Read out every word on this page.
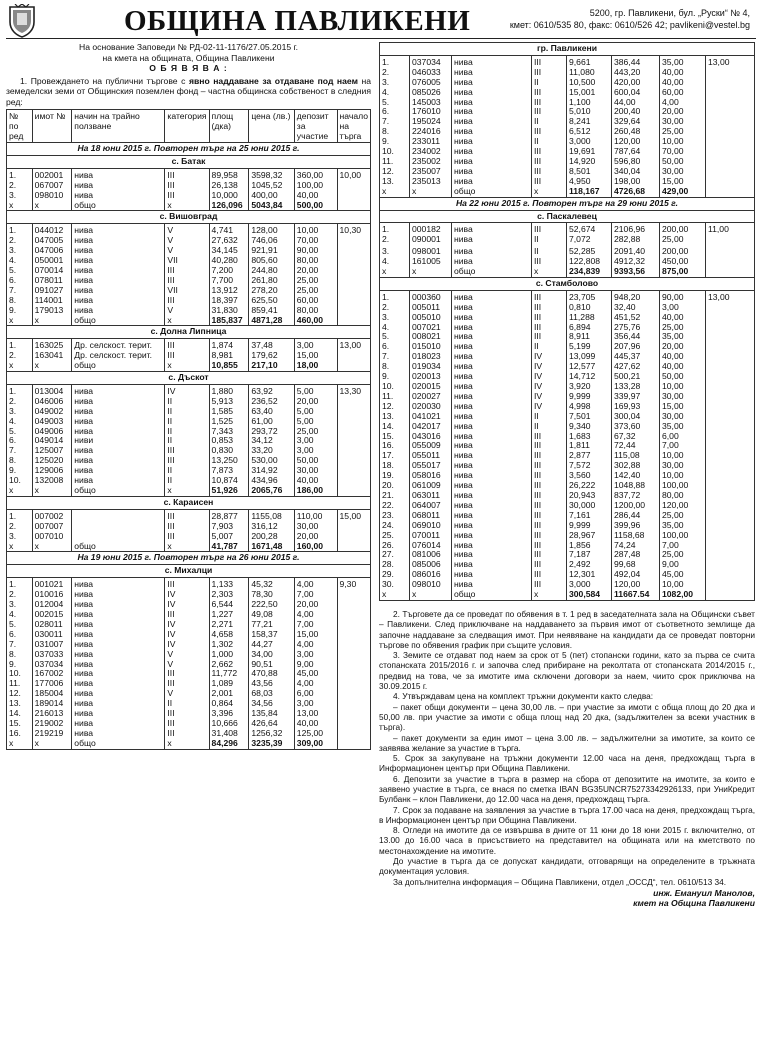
ОБЩИНА ПАВЛИКЕНИ	5200, гр. Павликени, бул. „Руски“ № 4,
кмет: 0610/535 80, факс: 0610/526 42; pavlikeni@vestel.bg
На основание Заповеди № РД-02-11-1176/27.05.2015 г.
на кмета на общината, Община Павликени
О Б Я В Я В А :

1. Провеждането на публични търгове с явно наддаване за отдаване под наем на земеделски земи от Общинския поземлен фонд – частна общинска собственост в следния ред:

№ по ред	имот №	начин на трайно ползване	категория	площ (дка)	цена (лв.)	депозит за участие	начало на търга
На 18 юни 2015 г. Повторен търг на 25 юни 2015 г.							
с. Батак							
1.	002001	нива	III	89,958	3598,32	360,00	10,00
2.	067007	нива	III	26,138	1045,52	100,00	
3.	098010	нива	III	10,000	400,00	40,00	
x	x	общо	x	126,096	5043,84	500,00	
с. Вишовград							
1.	044012	нива	V	4,741	128,00	10,00	10,30
2.	047005	нива	V	27,632	746,06	70,00	
3.	047006	нива	V	34,145	921,91	90,00	
4.	050001	нива	VII	40,280	805,60	80,00	
5.	070014	нива	III	7,200	244,80	20,00	
6.	078011	нива	III	7,700	261,80	25,00	
7.	091027	нива	VII	13,912	278,20	25,00	
8.	114001	нива	III	18,397	625,50	60,00	
9.	179013	нива	V	31,830	859,41	80,00	
x	x	общо	x	185,837	4871,28	460,00	
с. Долна Липница							
1.	163025	Др. селскост. терит.	III	1,874	37,48	3,00	13,00
2.	163041	Др. селскост. терит.	III	8,981	179,62	15,00	
x	x	общо	x	10,855	217,10	18,00	
с. Дъскот							
1.	013004	нива	IV	1,880	63,92	5,00	13,30
2.	046006	нива	II	5,913	236,52	20,00	
3.	049002	нива	II	1,585	63,40	5,00	
4.	049003	нива	II	1,525	61,00	5,00	
5.	049006	нива	II	7,343	293,72	25,00	
6.	049014	ниви	II	0,853	34,12	3,00	
7.	125007	нива	III	0,830	33,20	3,00	
8.	125020	нива	III	13,250	530,00	50,00	
9.	129006	нива	II	7,873	314,92	30,00	
10.	132008	нива	II	10,874	434,96	40,00	
x	x	общо	x	51,926	2065,76	186,00	
с. Караисен							
1.	007002		III	28,877	1155,08	110,00	15,00
2.	007007		III	7,903	316,12	30,00	
3.	007010		III	5,007	200,28	20,00	
x	x	общо	x	41,787	1671,48	160,00	
На 19 юни 2015 г. Повторен търг на 26 юни 2015 г.							
с. Михалци							
1.	001021	нива	III	1,133	45,32	4,00	9,30
2.	010016	нива	IV	2,303	78,30	7,00	
3.	012004	нива	IV	6,544	222,50	20,00	
4.	002015	нива	III	1,227	49,08	4,00	
5.	028011	нива	IV	2,271	77,21	7,00	
6.	030011	нива	IV	4,658	158,37	15,00	
7.	031007	нива	IV	1,302	44,27	4,00	
8.	037033	нива	V	1,000	34,00	3,00	
9.	037034	нива	V	2,662	90,51	9,00	
10.	167002	нива	III	11,772	470,88	45,00	
11.	177006	нива	III	1,089	43,56	4,00	
12.	185004	нива	V	2,001	68,03	6,00	
13.	189014	нива	II	0,864	34,56	3,00	
14.	216013	нива	III	3,396	135,84	13,00	
15.	219002	нива	III	10,666	426,64	40,00	
16.	219219	нива	III	31,408	1256,32	125,00	
x	x	общо	x	84,296	3235,39	309,00	
гр. Павликени							
1.	037034	нива	III	9,661	386,44	35,00	13,00
2.	046033	нива	III	11,080	443,20	40,00	
3.	076005	нива	II	10,500	420,00	40,00	
4.	085026	нива	III	15,001	600,04	60,00	
5.	145003	нива	III	1,100	44,00	4,00	
6.	176010	нива	III	5,010	200,40	20,00	
7.	195024	нива	II	8,241	329,64	30,00	
8.	224016	нива	III	6,512	260,48	25,00	
9.	233011	нива	II	3,000	120,00	10,00	
10.	234002	нива	III	19,691	787,64	70,00	
11.	235002	нива	III	14,920	596,80	50,00	
12.	235007	нива	III	8,501	340,04	30,00	
13.	235013	нива	III	4,950	198,00	15,00	
x	x	общо	x	118,167	4726,68	429,00	
На 22 юни 2015 г. Повторен търг на 29 юни 2015 г.							
с. Паскалевец							
1.	000182	нива	III	52,674	2106,96	200,00	11,00
2.	090001	нива	II	7,072	282,88	25,00	
3.	098001	нива	II	52,285	2091,40	200,00	
4.	161005	нива	III	122,808	4912,32	450,00	
x	x	общо	x	234,839	9393,56	875,00	
с. Стамболово							
1.	000360	нива	III	23,705	948,20	90,00	13,00
2.	005011	нива	III	0,810	32,40	3,00	
3.	005010	нива	III	11,288	451,52	40,00	
4.	007021	нива	III	6,894	275,76	25,00	
5.	008021	нива	III	8,911	356,44	35,00	
6.	015010	нива	II	5,199	207,96	20,00	
7.	018023	нива	IV	13,099	445,37	40,00	
8.	019034	нива	IV	12,577	427,62	40,00	
9.	020013	нива	IV	14,712	500,21	50,00	
10.	020015	нива	IV	3,920	133,28	10,00	
11.	020027	нива	IV	9,999	339,97	30,00	
12.	020030	нива	IV	4,998	169,93	15,00	
13.	041021	нива	II	7,501	300,04	30,00	
14.	042017	нива	II	9,340	373,60	35,00	
15.	043016	нива	III	1,683	67,32	6,00	
16.	055009	нива	III	1,811	72,44	7,00	
17.	055011	нива	III	2,877	115,08	10,00	
18.	055017	нива	III	7,572	302,88	30,00	
19.	058016	нива	III	3,560	142,40	10,00	
20.	061009	нива	III	26,222	1048,88	100,00	
21.	063011	нива	III	20,943	837,72	80,00	
22.	064007	нива	III	30,000	1200,00	120,00	
23.	068011	нива	III	7,161	286,44	25,00	
24.	069010	нива	III	9,999	399,96	35,00	
25.	070011	нива	III	28,967	1158,68	100,00	
26.	076014	нива	III	1,856	74,24	7,00	
27.	081006	нива	III	7,187	287,48	25,00	
28.	085006	нива	III	2,492	99,68	9,00	
29.	086016	нива	III	12,301	492,04	45,00	
30.	098010	нива	III	3,000	120,00	10,00	
x	x	общо	x	300,584	11667.54	1082,00	

2. Търговете да се проведат по обявения в т. 1 ред в заседателната зала на Общински съвет – Павликени. След приключване на наддаването за първия имот от съответното землище да започне наддаване за следващия имот. При неявяване на кандидати да се проведат повторни търгове по обявения график при същите условия.

3. Земите се отдават под наем за срок от 5 (пет) стопански години, като за първа се счита стопанската 2015/2016 г. и започва след прибиране на реколтата от стопанската 2014/2015 г., предвид на това, че за имотите има сключени договори за наем, чиито срок приключва на 30.09.2015 г.

4. Утвърждавам цена на комплект тръжни документи както следва:

– пакет общи документи – цена 30,00 лв. – при участие за имоти с обща площ до 20 дка и 50,00 лв. при участие за имоти с обща площ над 20 дка, (задължителен за всеки участник в търга).

– пакет документи за един имот – цена 3.00 лв. – задължителни за имотите, за които се заявява желание за участие в търга.

5. Срок за закупуване на тръжни документи 12.00 часа на деня, предхождащ търга в Информационен център при Община Павликени.

6. Депозити за участие в търга в размер на сбора от депозитите на имотите, за които е заявено участие в търга, се внася по сметка IBAN BG35UNCR75273342926133, при УниКредит Булбанк – клон Павликени, до 12.00 часа на деня, предхождащ търга.

7. Срок за подаване на заявления за участие в търга 17.00 часа на деня, предхождащ търга, в Информационен център при Община Павликени.

8. Огледи на имотите да се извършва в дните от 11 юни до 18 юни 2015 г. включително, от 13.00 до 16.00 часа в присъствието на представител на общината или на кметството по местонахождение на имотите.

До участие в търга да се допускат кандидати, отговарящи на определените в тръжната документация условия.

За допълнителна информация – Община Павликени, отдел „ОССД“, тел. 0610/513 34.

инж. Емануил Манолов,
кмет на Община Павликени
